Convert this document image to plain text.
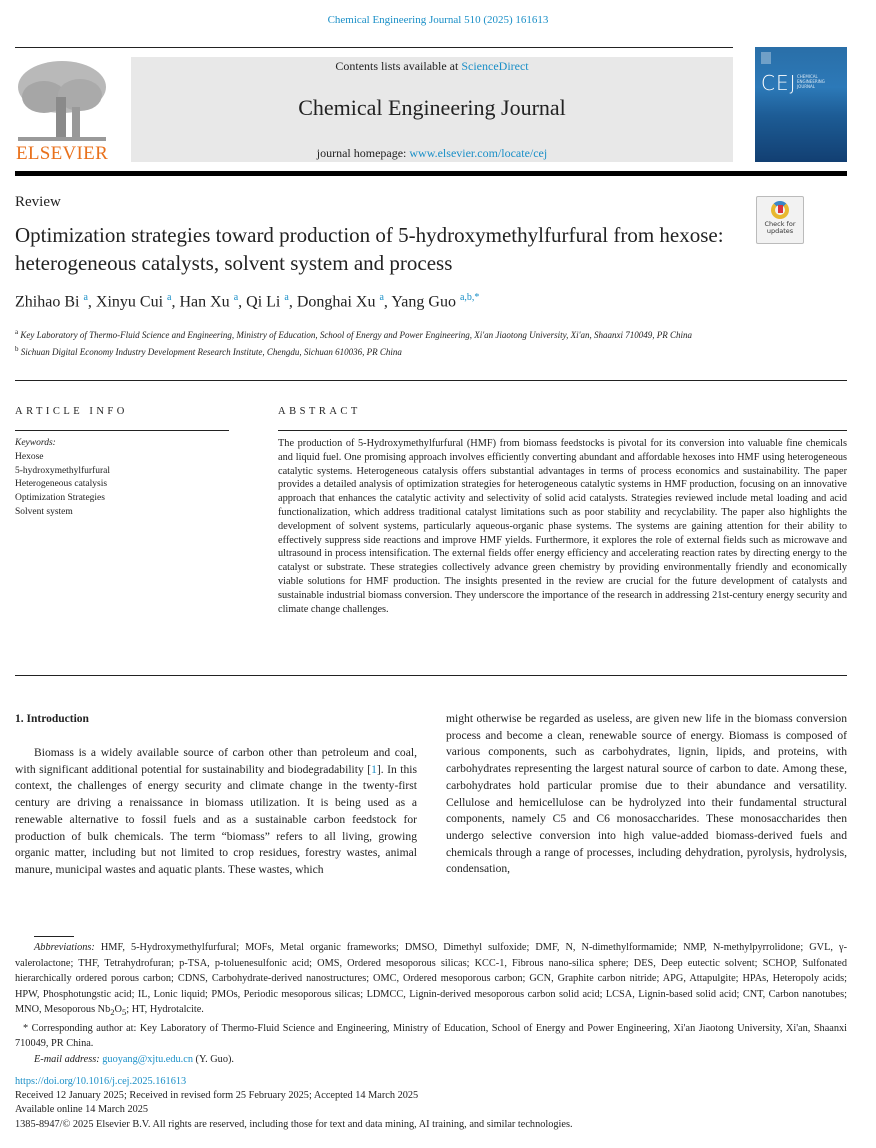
Chemical Engineering Journal 510 (2025) 161613
ELSEVIER
Contents lists available at ScienceDirect
Chemical Engineering Journal
journal homepage: www.elsevier.com/locate/cej
CEJ CHEMICAL ENGINEERING JOURNAL
Review
Optimization strategies toward production of 5-hydroxymethylfurfural from hexose: heterogeneous catalysts, solvent system and process
Check for updates
Zhihao Bi $^a$, Xinyu Cui $^a$, Han Xu $^a$, Qi Li $^a$, Donghai Xu $^a$, Yang Guo $^{a,b,*}$
$^a$ Key Laboratory of Thermo-Fluid Science and Engineering, Ministry of Education, School of Energy and Power Engineering, Xi'an Jiaotong University, Xi'an, Shaanxi 710049, PR China
$^b$ Sichuan Digital Economy Industry Development Research Institute, Chengdu, Sichuan 610036, PR China
ARTICLE INFO	ABSTRACT
Keywords:
Hexose
5-hydroxymethylfurfural
Heterogeneous catalysis
Optimization Strategies
Solvent system
The production of 5-Hydroxymethylfurfural (HMF) from biomass feedstocks is pivotal for its conversion into valuable fine chemicals and liquid fuel. One promising approach involves efficiently converting abundant and affordable hexoses into HMF using heterogeneous catalytic systems. Heterogeneous catalysis offers substantial advantages in terms of process economics and sustainability. The paper provides a detailed analysis of optimization strategies for heterogeneous catalytic systems in HMF production, focusing on an innovative approach that enhances the catalytic activity and selectivity of solid acid catalysts. Strategies reviewed include metal loading and acid functionalization, which address traditional catalyst limitations such as poor stability and recyclability. The paper also highlights the development of solvent systems, particularly aqueous-organic phase systems. The systems are gaining attention for their ability to effectively suppress side reactions and improve HMF yields. Furthermore, it explores the role of external fields such as microwave and ultrasound in process intensification. The external fields offer energy efficiency and accelerating reaction rates by directing energy to the catalyst or substrate. These strategies collectively advance green chemistry by providing environmentally friendly and economically viable solutions for HMF production. The insights presented in the review are crucial for the future development of catalysts and sustainable industrial biomass conversion. They underscore the importance of the research in addressing 21st-century energy security and climate change challenges.
1. Introduction
Biomass is a widely available source of carbon other than petroleum and coal, with significant additional potential for sustainability and biodegradability [1]. In this context, the challenges of energy security and climate change in the twenty-first century are driving a renaissance in biomass utilization. It is being used as a renewable alternative to fossil fuels and as a sustainable carbon feedstock for production of bulk chemicals. The term “biomass” refers to all living, growing organic matter, including but not limited to crop residues, forestry wastes, animal manure, municipal wastes and aquatic plants. These wastes, which
might otherwise be regarded as useless, are given new life in the biomass conversion process and become a clean, renewable source of energy. Biomass is composed of various components, such as carbohydrates, lignin, lipids, and proteins, with carbohydrates representing the largest natural source of carbon to date. Among these, carbohydrates hold particular promise due to their abundance and versatility. Cellulose and hemicellulose can be hydrolyzed into their fundamental structural components, namely C5 and C6 monosaccharides. These monosaccharides then undergo selective conversion into high value-added biomass-derived fuels and chemicals through a range of processes, including dehydration, pyrolysis, hydrolysis, condensation,

Abbreviations: HMF, 5-Hydroxymethylfurfural; MOFs, Metal organic frameworks; DMSO, Dimethyl sulfoxide; DMF, N, N-dimethylformamide; NMP, N-methylpyrrolidone; GVL, γ-valerolactone; THF, Tetrahydrofuran; p-TSA, p-toluenesulfonic acid; OMS, Ordered mesoporous silicas; KCC-1, Fibrous nano-silica sphere; DES, Deep eutectic solvent; SCHOP, Sulfonated hierarchically ordered porous carbon; CDNS, Carbohydrate-derived nanostructures; OMC, Ordered mesoporous carbon; GCN, Graphite carbon nitride; APG, Attapulgite; HPAs, Heteropoly acids; HPW, Phosphotungstic acid; IL, Lonic liquid; PMOs, Periodic mesoporous silicas; LDMCC, Lignin-derived mesoporous carbon solid acid; LCSA, Lignin-based solid acid; CNT, Carbon nanotubes; MNO, Mesoporous $Nb_2O_5$; HT, Hydrotalcite.

* Corresponding author at: Key Laboratory of Thermo-Fluid Science and Engineering, Ministry of Education, School of Energy and Power Engineering, Xi'an Jiaotong University, Xi'an, Shaanxi 710049, PR China.

E-mail address: guoyang@xjtu.edu.cn (Y. Guo).

https://doi.org/10.1016/j.cej.2025.161613
Received 12 January 2025; Received in revised form 25 February 2025; Accepted 14 March 2025
Available online 14 March 2025
1385-8947/© 2025 Elsevier B.V. All rights are reserved, including those for text and data mining, AI training, and similar technologies.
